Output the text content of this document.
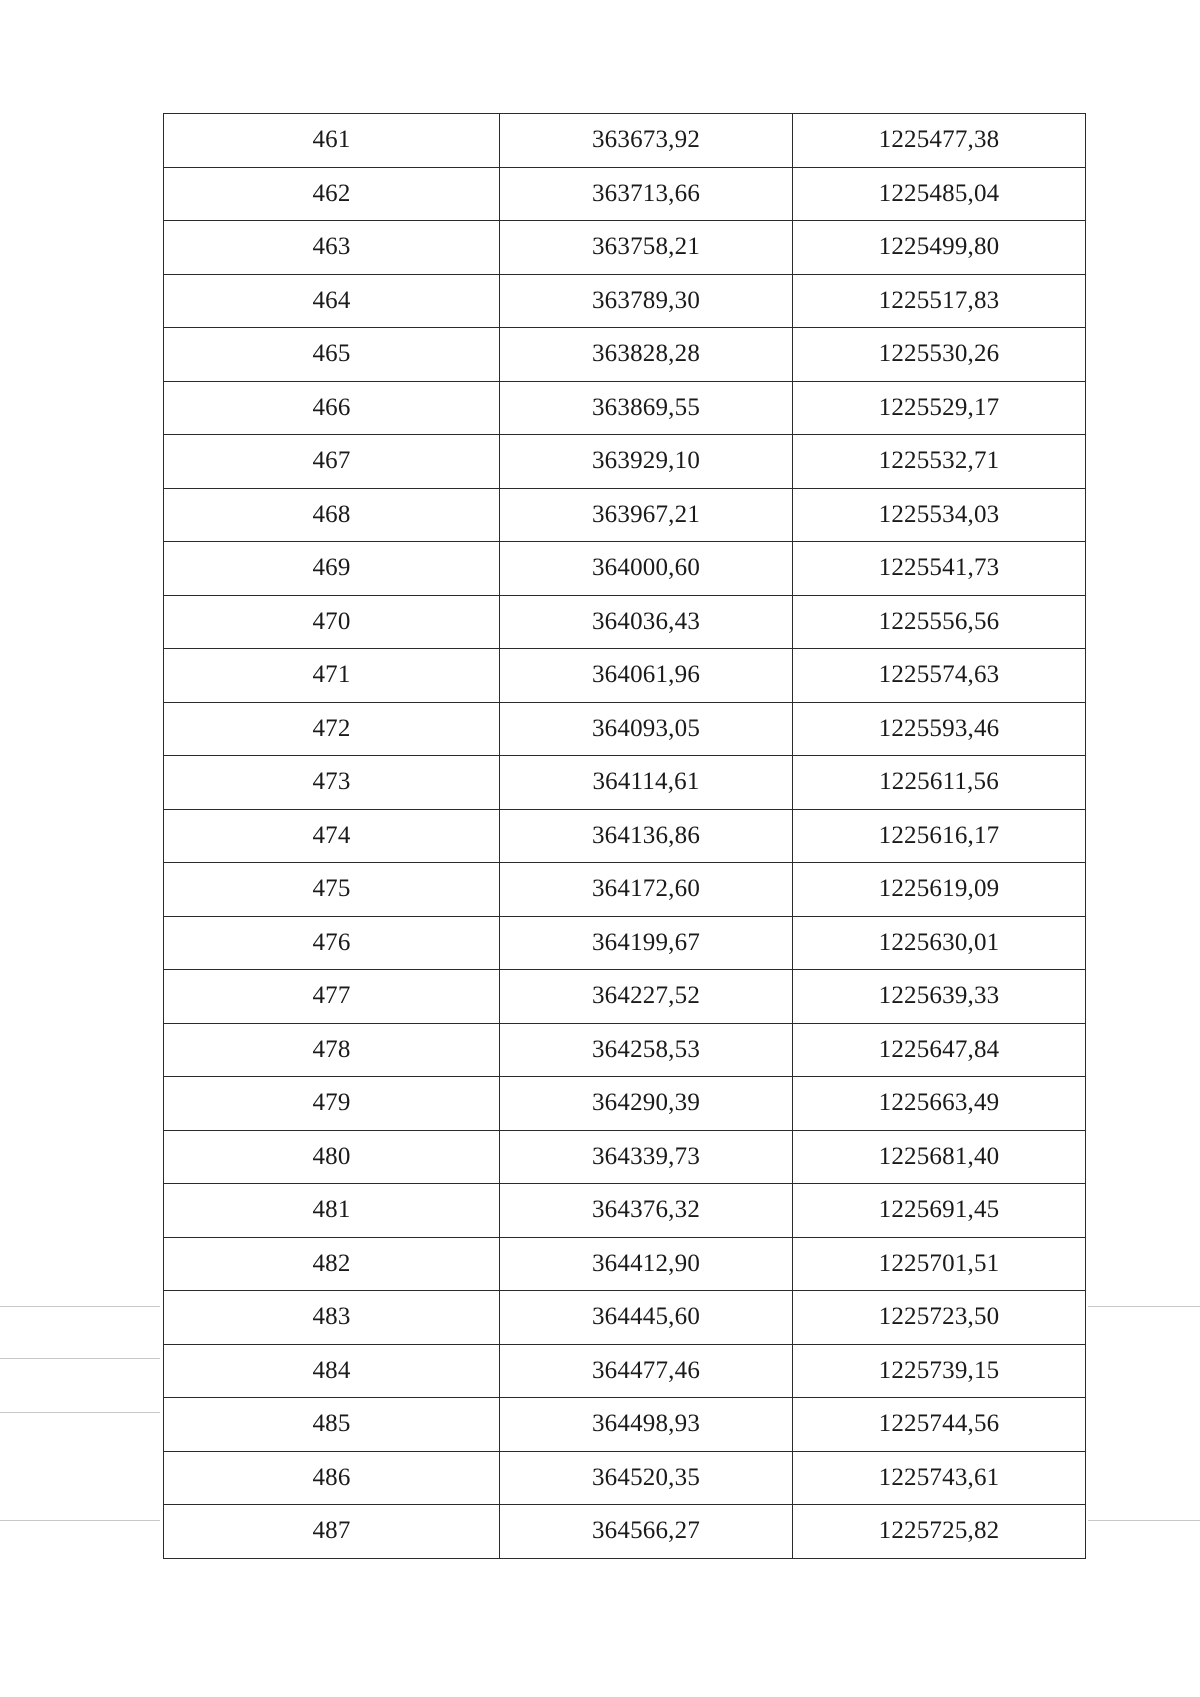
461	363673,92	1225477,38
462	363713,66	1225485,04
463	363758,21	1225499,80
464	363789,30	1225517,83
465	363828,28	1225530,26
466	363869,55	1225529,17
467	363929,10	1225532,71
468	363967,21	1225534,03
469	364000,60	1225541,73
470	364036,43	1225556,56
471	364061,96	1225574,63
472	364093,05	1225593,46
473	364114,61	1225611,56
474	364136,86	1225616,17
475	364172,60	1225619,09
476	364199,67	1225630,01
477	364227,52	1225639,33
478	364258,53	1225647,84
479	364290,39	1225663,49
480	364339,73	1225681,40
481	364376,32	1225691,45
482	364412,90	1225701,51
483	364445,60	1225723,50
484	364477,46	1225739,15
485	364498,93	1225744,56
486	364520,35	1225743,61
487	364566,27	1225725,82
